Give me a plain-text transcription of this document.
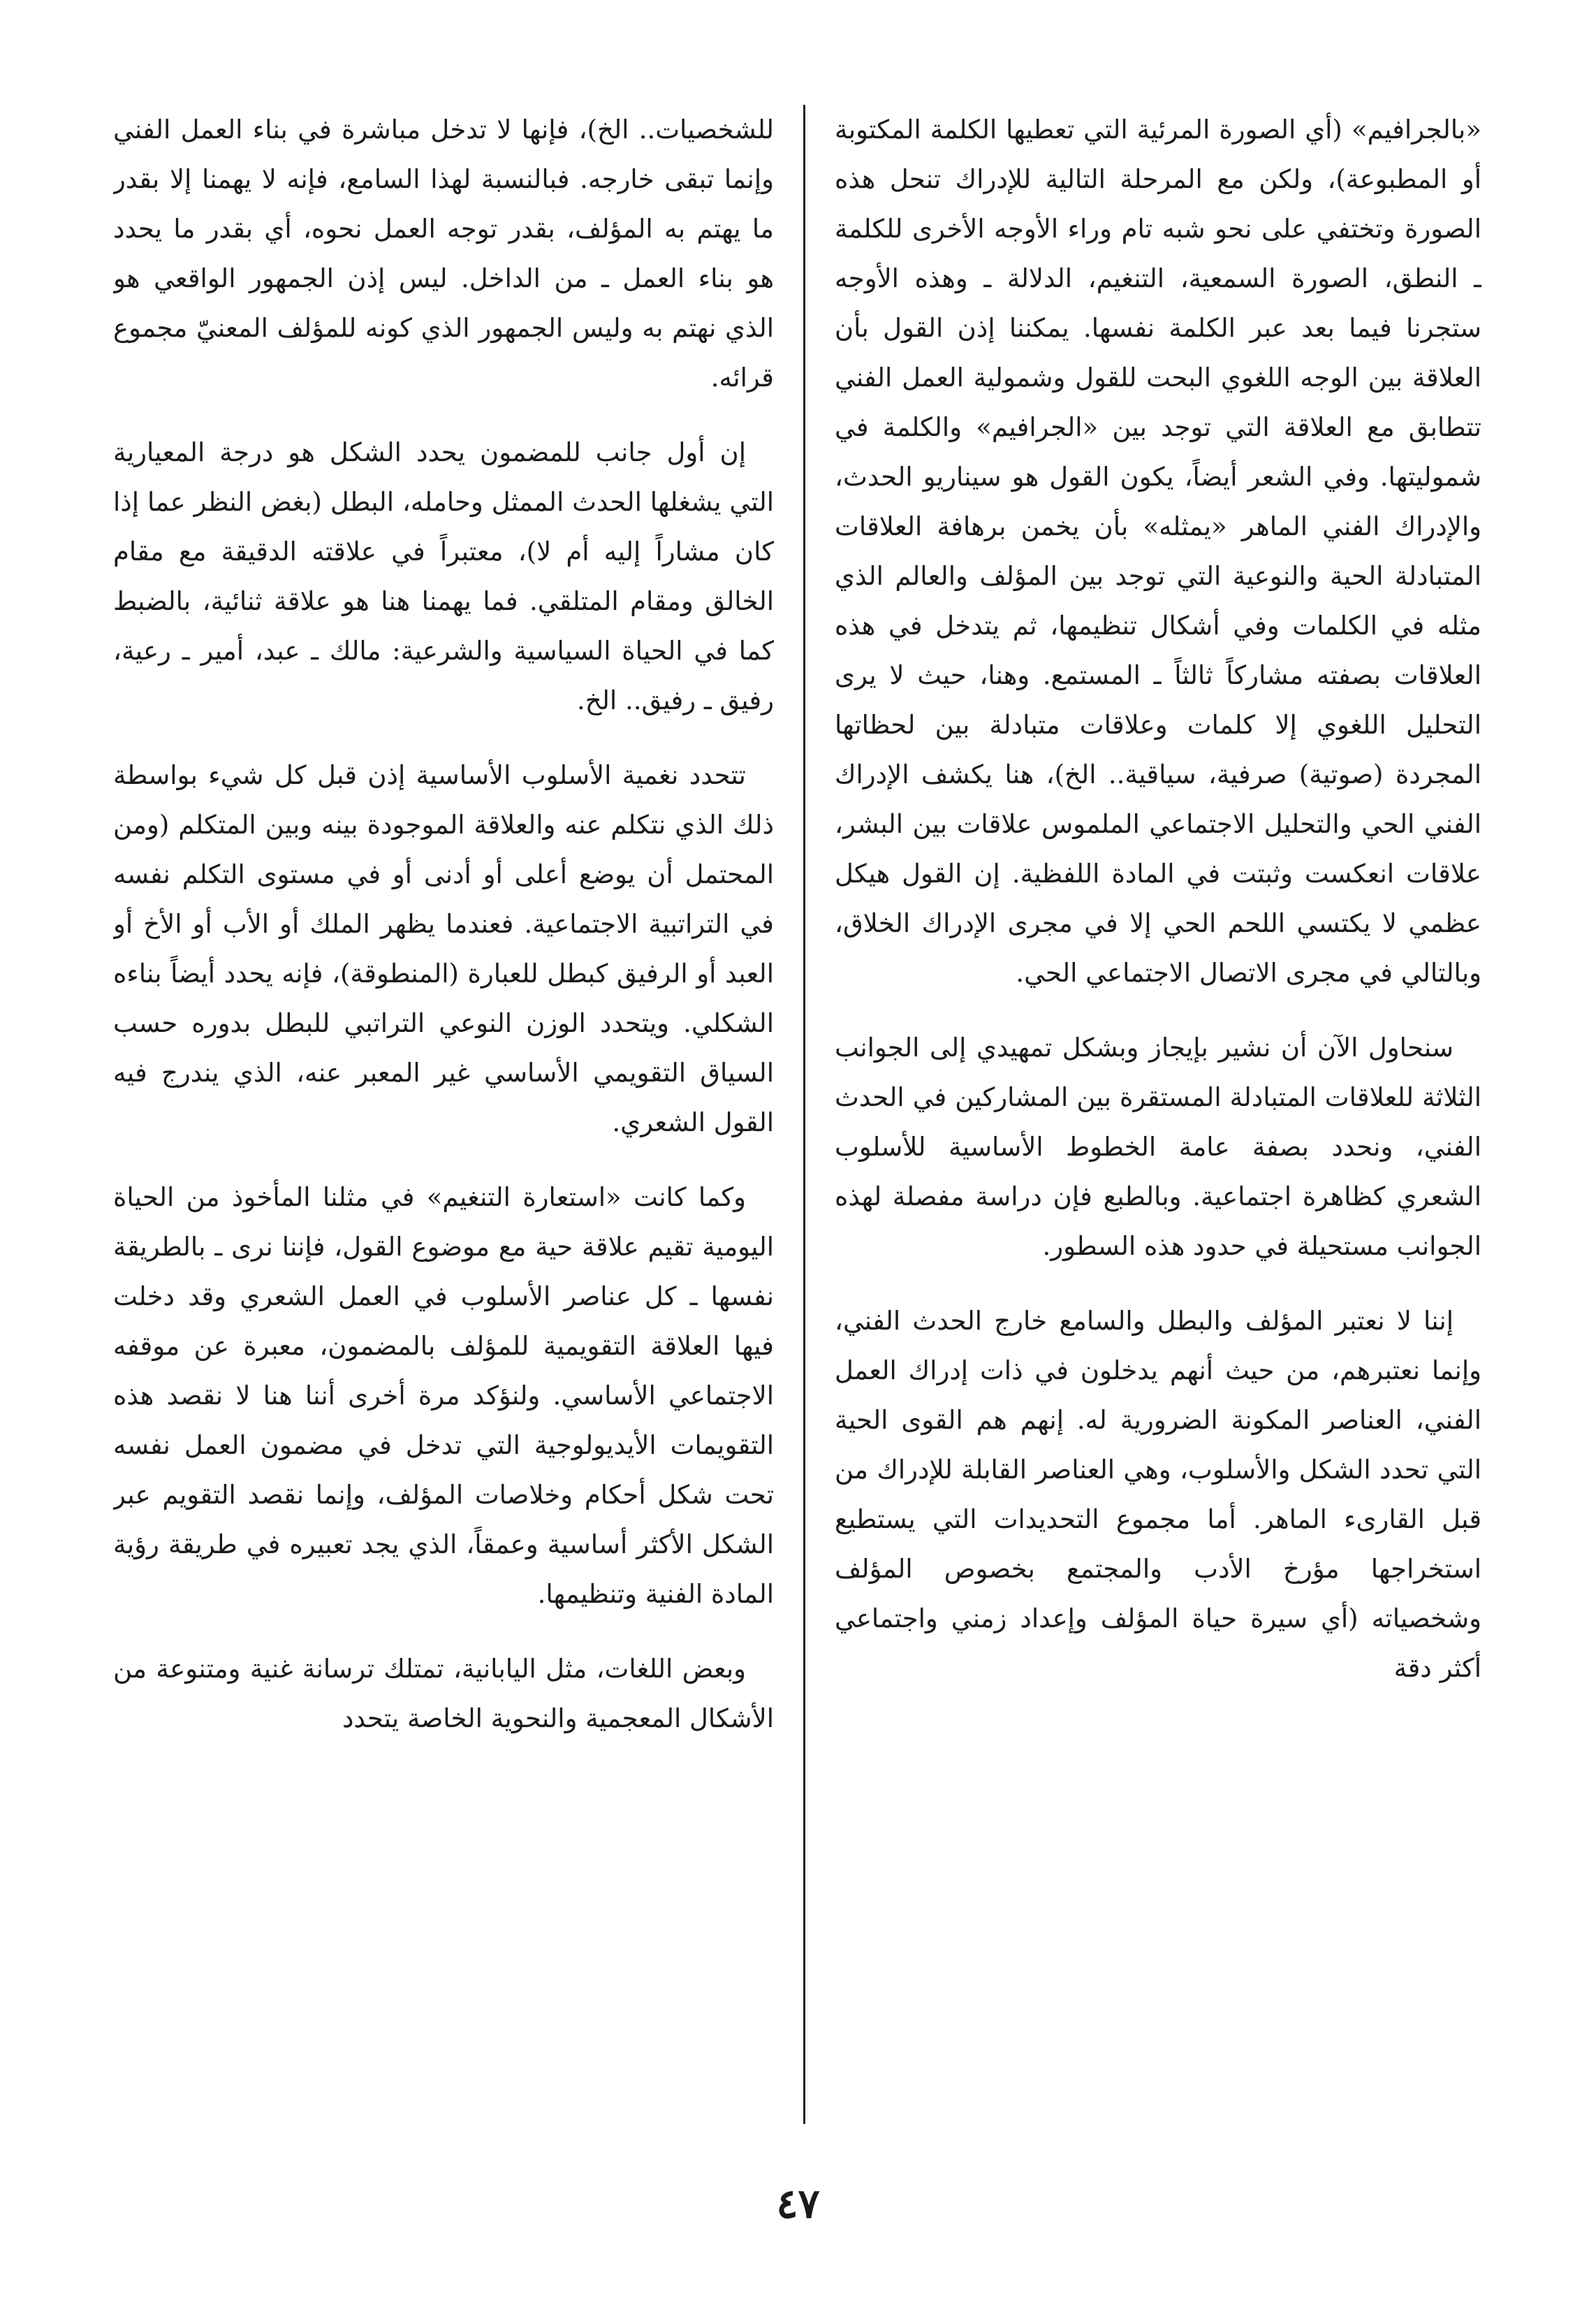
«بالجرافيم» (أي الصورة المرئية التي تعطيها الكلمة المكتوبة أو المطبوعة)، ولكن مع المرحلة التالية للإدراك تنحل هذه الصورة وتختفي على نحو شبه تام وراء الأوجه الأخرى للكلمة ـ النطق، الصورة السمعية، التنغيم، الدلالة ـ وهذه الأوجه ستجرنا فيما بعد عبر الكلمة نفسها. يمكننا إذن القول بأن العلاقة بين الوجه اللغوي البحت للقول وشمولية العمل الفني تتطابق مع العلاقة التي توجد بين «الجرافيم» والكلمة في شموليتها. وفي الشعر أيضاً، يكون القول هو سيناريو الحدث، والإدراك الفني الماهر «يمثله» بأن يخمن برهافة العلاقات المتبادلة الحية والنوعية التي توجد بين المؤلف والعالم الذي مثله في الكلمات وفي أشكال تنظيمها، ثم يتدخل في هذه العلاقات بصفته مشاركاً ثالثاً ـ المستمع. وهنا، حيث لا يرى التحليل اللغوي إلا كلمات وعلاقات متبادلة بين لحظاتها المجردة (صوتية) صرفية، سياقية.. الخ)، هنا يكشف الإدراك الفني الحي والتحليل الاجتماعي الملموس علاقات بين البشر، علاقات انعكست وثبتت في المادة اللفظية. إن القول هيكل عظمي لا يكتسي اللحم الحي إلا في مجرى الإدراك الخلاق، وبالتالي في مجرى الاتصال الاجتماعي الحي.

سنحاول الآن أن نشير بإيجاز وبشكل تمهيدي إلى الجوانب الثلاثة للعلاقات المتبادلة المستقرة بين المشاركين في الحدث الفني، ونحدد بصفة عامة الخطوط الأساسية للأسلوب الشعري كظاهرة اجتماعية. وبالطبع فإن دراسة مفصلة لهذه الجوانب مستحيلة في حدود هذه السطور.

إننا لا نعتبر المؤلف والبطل والسامع خارج الحدث الفني، وإنما نعتبرهم، من حيث أنهم يدخلون في ذات إدراك العمل الفني، العناصر المكونة الضرورية له. إنهم هم القوى الحية التي تحدد الشكل والأسلوب، وهي العناصر القابلة للإدراك من قبل القارىء الماهر. أما مجموع التحديدات التي يستطيع استخراجها مؤرخ الأدب والمجتمع بخصوص المؤلف وشخصياته (أي سيرة حياة المؤلف وإعداد زمني واجتماعي أكثر دقة

للشخصيات.. الخ)، فإنها لا تدخل مباشرة في بناء العمل الفني وإنما تبقى خارجه. فبالنسبة لهذا السامع، فإنه لا يهمنا إلا بقدر ما يهتم به المؤلف، بقدر توجه العمل نحوه، أي بقدر ما يحدد هو بناء العمل ـ من الداخل. ليس إذن الجمهور الواقعي هو الذي نهتم به وليس الجمهور الذي كونه للمؤلف المعنيّ مجموع قرائه.

إن أول جانب للمضمون يحدد الشكل هو درجة المعيارية التي يشغلها الحدث الممثل وحامله، البطل (بغض النظر عما إذا كان مشاراً إليه أم لا)، معتبراً في علاقته الدقيقة مع مقام الخالق ومقام المتلقي. فما يهمنا هنا هو علاقة ثنائية، بالضبط كما في الحياة السياسية والشرعية: مالك ـ عبد، أمير ـ رعية، رفيق ـ رفيق.. الخ.

تتحدد نغمية الأسلوب الأساسية إذن قبل كل شيء بواسطة ذلك الذي نتكلم عنه والعلاقة الموجودة بينه وبين المتكلم (ومن المحتمل أن يوضع أعلى أو أدنى أو في مستوى التكلم نفسه في التراتبية الاجتماعية. فعندما يظهر الملك أو الأب أو الأخ أو العبد أو الرفيق كبطل للعبارة (المنطوقة)، فإنه يحدد أيضاً بناءه الشكلي. ويتحدد الوزن النوعي التراتبي للبطل بدوره حسب السياق التقويمي الأساسي غير المعبر عنه، الذي يندرج فيه القول الشعري.

وكما كانت «استعارة التنغيم» في مثلنا المأخوذ من الحياة اليومية تقيم علاقة حية مع موضوع القول، فإننا نرى ـ بالطريقة نفسها ـ كل عناصر الأسلوب في العمل الشعري وقد دخلت فيها العلاقة التقويمية للمؤلف بالمضمون، معبرة عن موقفه الاجتماعي الأساسي. ولنؤكد مرة أخرى أننا هنا لا نقصد هذه التقويمات الأيديولوجية التي تدخل في مضمون العمل نفسه تحت شكل أحكام وخلاصات المؤلف، وإنما نقصد التقويم عبر الشكل الأكثر أساسية وعمقاً، الذي يجد تعبيره في طريقة رؤية المادة الفنية وتنظيمها.

وبعض اللغات، مثل اليابانية، تمتلك ترسانة غنية ومتنوعة من الأشكال المعجمية والنحوية الخاصة يتحدد

٤٧
